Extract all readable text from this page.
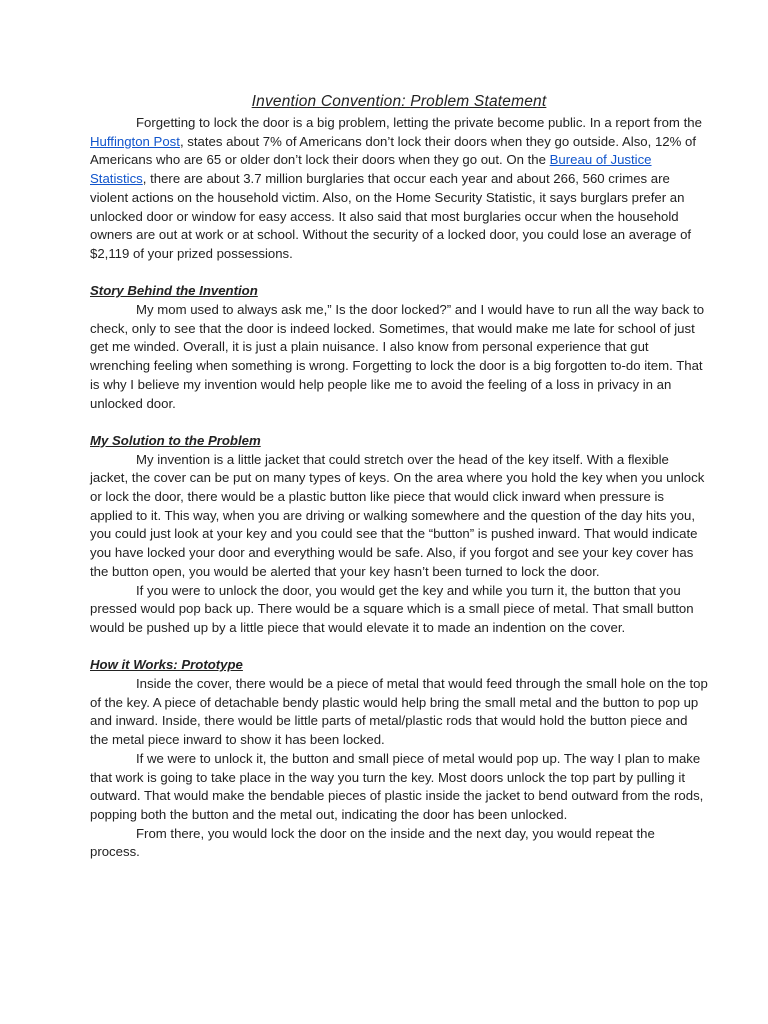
Invention Convention: Problem Statement

Forgetting to lock the door is a big problem, letting the private become public. In a report from the Huffington Post, states about 7% of Americans don’t lock their doors when they go outside. Also, 12% of Americans who are 65 or older don’t lock their doors when they go out. On the Bureau of Justice Statistics, there are about 3.7 million burglaries that occur each year and about 266, 560 crimes are violent actions on the household victim. Also, on the Home Security Statistic, it says burglars prefer an unlocked door or window for easy access. It also said that most burglaries occur when the household owners are out at work or at school. Without the security of a locked door, you could lose an average of $2,119 of your prized possessions.

Story Behind the Invention

My mom used to always ask me,” Is the door locked?” and I would have to run all the way back to check, only to see that the door is indeed locked. Sometimes, that would make me late for school of just get me winded. Overall, it is just a plain nuisance. I also know from personal experience that gut wrenching feeling when something is wrong. Forgetting to lock the door is a big forgotten to-do item. That is why I believe my invention would help people like me to avoid the feeling of a loss in privacy in an unlocked door.

My Solution to the Problem

My invention is a little jacket that could stretch over the head of the key itself. With a flexible jacket, the cover can be put on many types of keys. On the area where you hold the key when you unlock or lock the door, there would be a plastic button like piece that would click inward when pressure is applied to it. This way, when you are driving or walking somewhere and the question of the day hits you, you could just look at your key and you could see that the “button” is pushed inward. That would indicate you have locked your door and everything would be safe. Also, if you forgot and see your key cover has the button open, you would be alerted that your key hasn’t been turned to lock the door.

If you were to unlock the door, you would get the key and while you turn it, the button that you pressed would pop back up. There would be a square which is a small piece of metal. That small button would be pushed up by a little piece that would elevate it to made an indention on the cover.

How it Works: Prototype

Inside the cover, there would be a piece of metal that would feed through the small hole on the top of the key. A piece of detachable bendy plastic would help bring the small metal and the button to pop up and inward. Inside, there would be little parts of metal/plastic rods that would hold the button piece and the metal piece inward to show it has been locked.

If we were to unlock it, the button and small piece of metal would pop up. The way I plan to make that work is going to take place in the way you turn the key. Most doors unlock the top part by pulling it outward. That would make the bendable pieces of plastic inside the jacket to bend outward from the rods, popping both the button and the metal out, indicating the door has been unlocked.

From there, you would lock the door on the inside and the next day, you would repeat the process.
